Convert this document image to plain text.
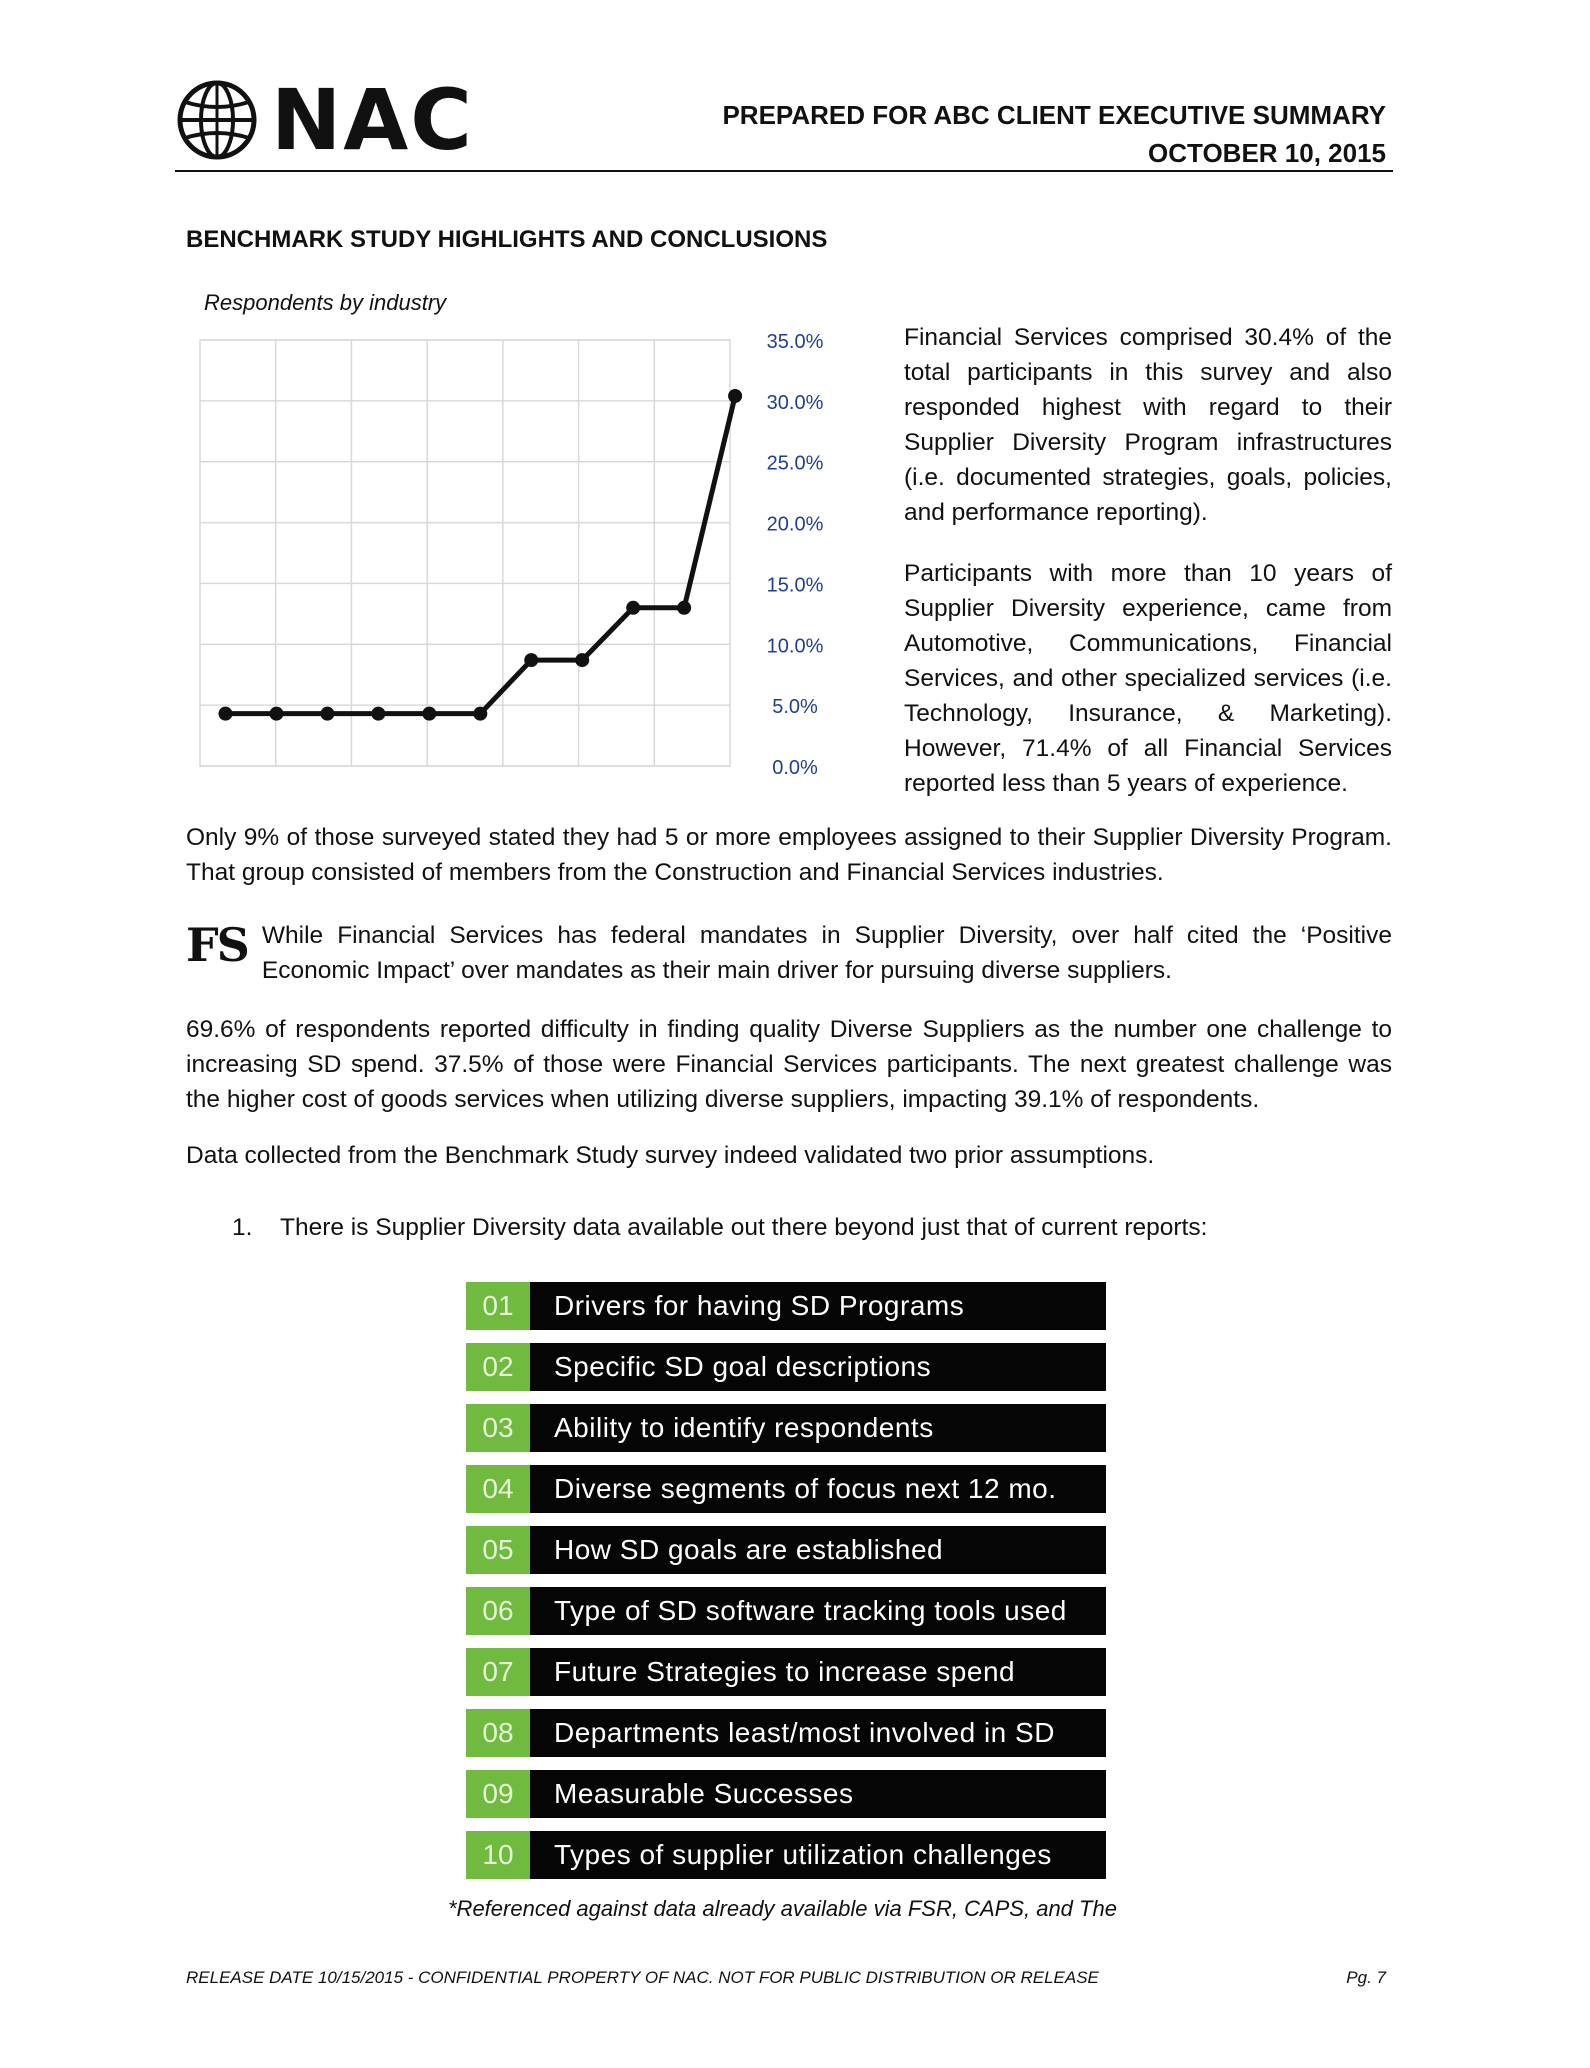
NAC	PREPARED FOR ABC CLIENT EXECUTIVE SUMMARY
OCTOBER 10, 2015
BENCHMARK STUDY HIGHLIGHTS AND CONCLUSIONS
Respondents by industry
35.0%
30.0%
25.0%
20.0%
15.0%
10.0%
5.0%
0.0%

Financial Services comprised 30.4% of the total participants in this survey and also responded highest with regard to their Supplier Diversity Program infrastructures (i.e. documented strategies, goals, policies, and performance reporting).

Participants with more than 10 years of Supplier Diversity experience, came from Automotive, Communications, Financial Services, and other specialized services (i.e. Technology, Insurance, & Marketing). However, 71.4% of all Financial Services reported less than 5 years of experience.

Only 9% of those surveyed stated they had 5 or more employees assigned to their Supplier Diversity Program. That group consisted of members from the Construction and Financial Services industries.
FS While Financial Services has federal mandates in Supplier Diversity, over half cited the ‘Positive Economic Impact’ over mandates as their main driver for pursuing diverse suppliers.
69.6% of respondents reported difficulty in finding quality Diverse Suppliers as the number one challenge to increasing SD spend. 37.5% of those were Financial Services participants. The next greatest challenge was the higher cost of goods services when utilizing diverse suppliers, impacting 39.1% of respondents.
Data collected from the Benchmark Study survey indeed validated two prior assumptions.
1. There is Supplier Diversity data available out there beyond just that of current reports:
01	Drivers for having SD Programs
02	Specific SD goal descriptions
03	Ability to identify respondents
04	Diverse segments of focus next 12 mo.
05	How SD goals are established
06	Type of SD software tracking tools used
07	Future Strategies to increase spend
08	Departments least/most involved in SD
09	Measurable Successes
10	Types of supplier utilization challenges
*Referenced against data already available via FSR, CAPS, and The
RELEASE DATE 10/15/2015 - CONFIDENTIAL PROPERTY OF NAC. NOT FOR PUBLIC DISTRIBUTION OR RELEASE	Pg. 7
